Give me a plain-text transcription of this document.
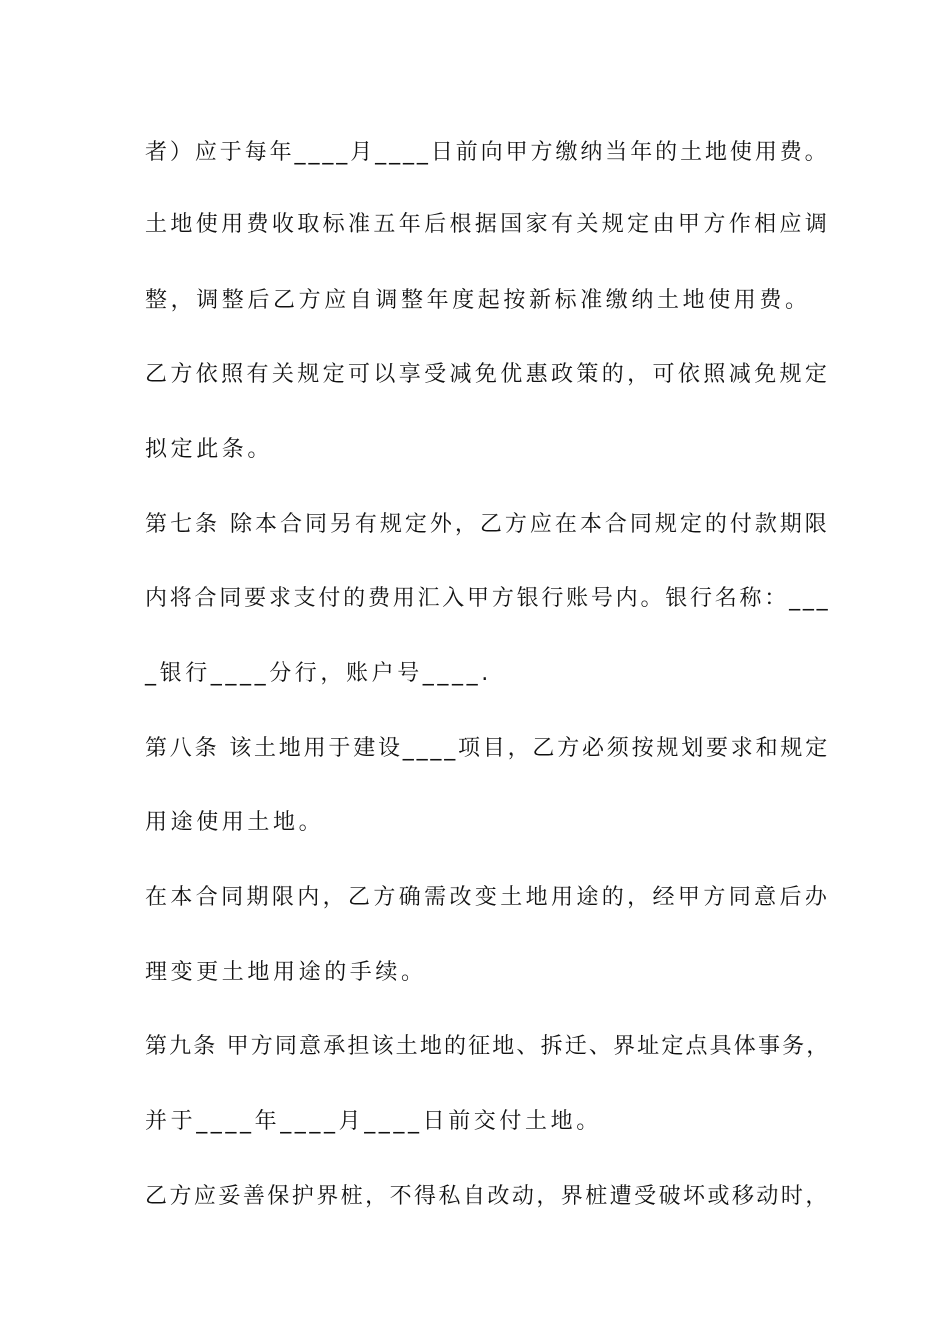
者）应于每年____月____日前向甲方缴纳当年的土地使用费。
土地使用费收取标准五年后根据国家有关规定由甲方作相应调
整，调整后乙方应自调整年度起按新标准缴纳土地使用费。
乙方依照有关规定可以享受减免优惠政策的，可依照减免规定
拟定此条。
第七条 除本合同另有规定外，乙方应在本合同规定的付款期限
内将合同要求支付的费用汇入甲方银行账号内。银行名称：___
_银行____分行，账户号____.
第八条 该土地用于建设____项目，乙方必须按规划要求和规定
用途使用土地。
在本合同期限内，乙方确需改变土地用途的，经甲方同意后办
理变更土地用途的手续。
第九条 甲方同意承担该土地的征地、拆迁、界址定点具体事务，
并于____年____月____日前交付土地。
乙方应妥善保护界桩，不得私自改动，界桩遭受破坏或移动时，
